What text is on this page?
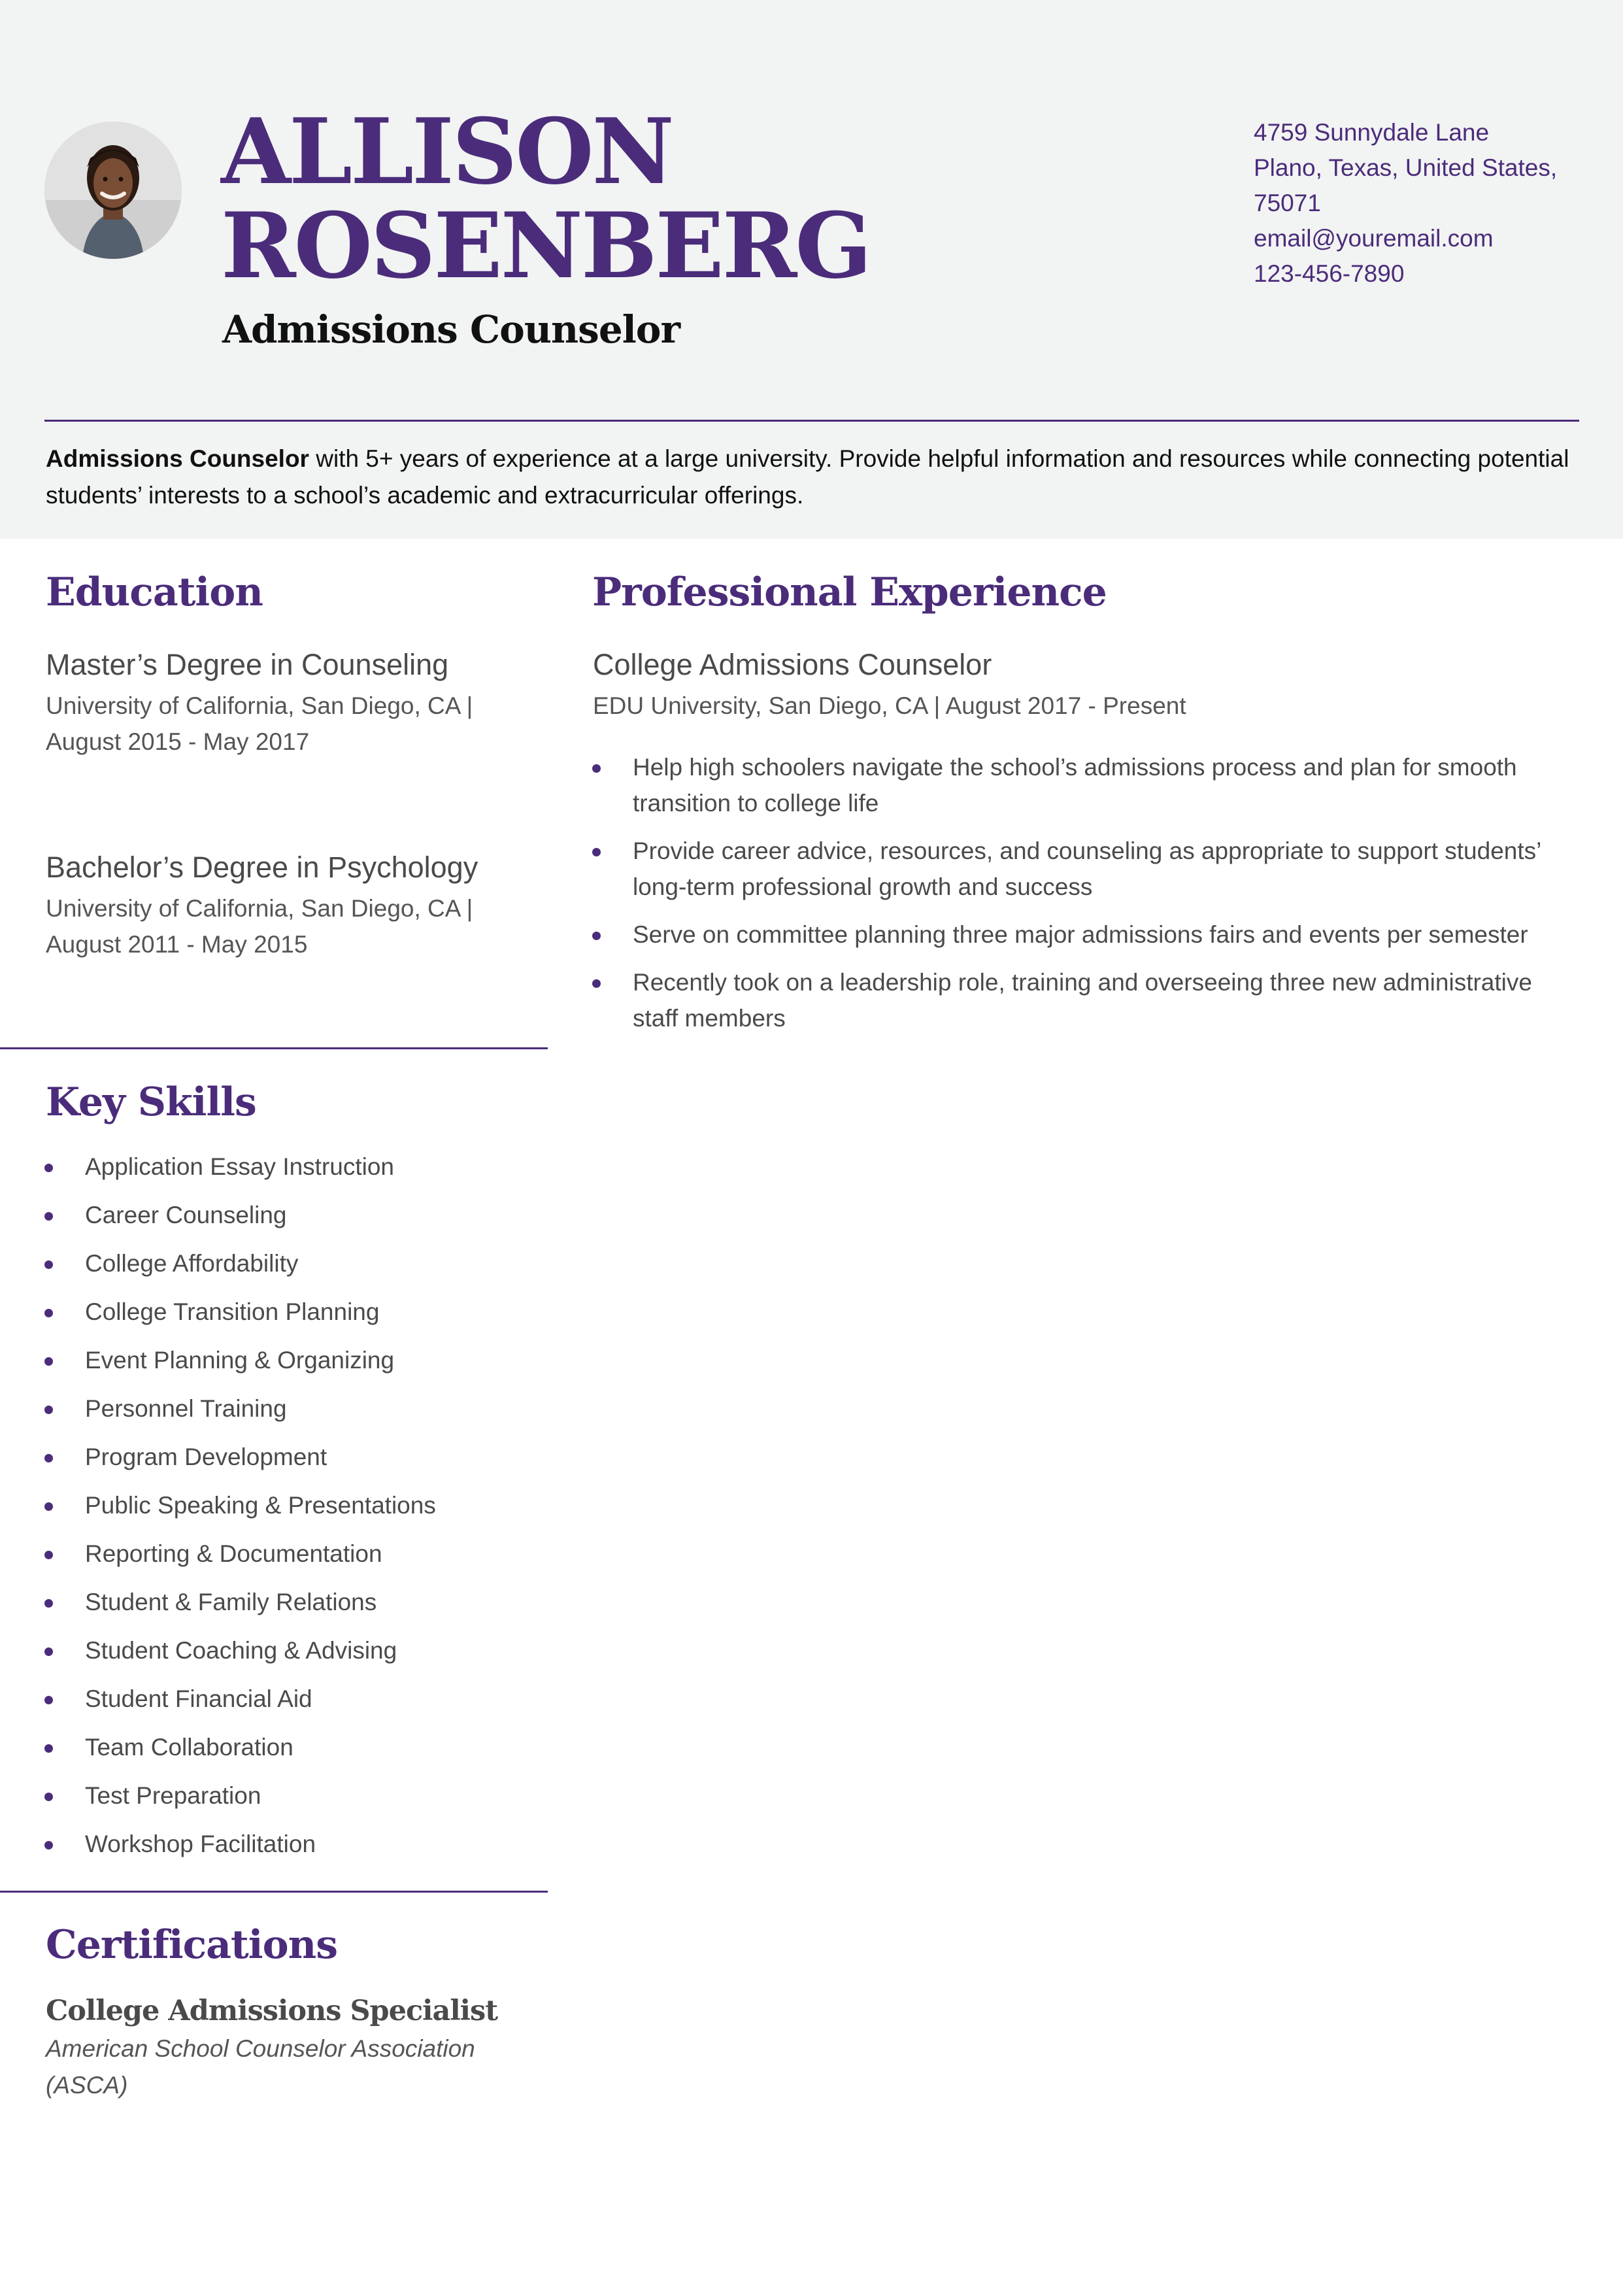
ALLISON
ROSENBERG
Admissions Counselor
4759 Sunnydale Lane
Plano, Texas, United States,
75071
email@youremail.com
123-456-7890

Admissions Counselor with 5+ years of experience at a large university. Provide helpful information and resources while connecting potential students’ interests to a school’s academic and extracurricular offerings.

Education

Master’s Degree in Counseling

University of California, San Diego, CA |

August 2015 - May 2017

Bachelor’s Degree in Psychology

University of California, San Diego, CA |

August 2011 - May 2015

Key Skills
Application Essay Instruction
Career Counseling
College Affordability
College Transition Planning
Event Planning & Organizing
Personnel Training
Program Development
Public Speaking & Presentations
Reporting & Documentation
Student & Family Relations
Student Coaching & Advising
Student Financial Aid
Team Collaboration
Test Preparation
Workshop Facilitation
Certifications

College Admissions Specialist

American School Counselor Association (ASCA)

Professional Experience

College Admissions Counselor

EDU University, San Diego, CA | August 2017 - Present

Help high schoolers navigate the school’s admissions process and plan for smooth transition to college life
Provide career advice, resources, and counseling as appropriate to support students’ long-term professional growth and success
Serve on committee planning three major admissions fairs and events per semester
Recently took on a leadership role, training and overseeing three new administrative staff members
